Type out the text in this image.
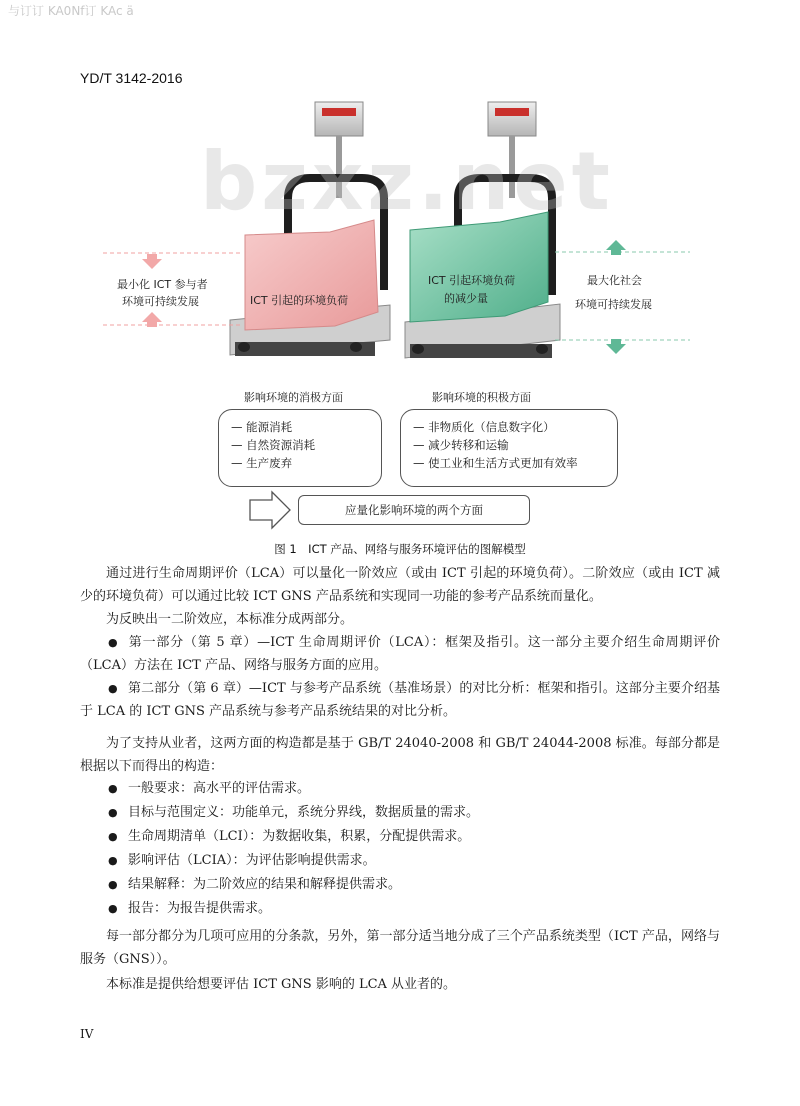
与订订 KA0Nf订 KAc ä
YD/T 3142-2016
最小化 ICT 参与者
环境可持续发展	ICT 引起的环境负荷
ICT 引起环境负荷
的减少量
最大化社会
环境可持续发展
影响环境的消极方面
— 能源消耗
— 自然资源消耗
— 生产废弃
影响环境的积极方面
— 非物质化（信息数字化）
— 减少转移和运输
— 使工业和生活方式更加有效率
应量化影响环境的两个方面
bzxz.net
图 1　ICT 产品、网络与服务环境评估的图解模型
通过进行生命周期评价（LCA）可以量化一阶效应（或由 ICT 引起的环境负荷）。二阶效应（或由 ICT 减少的环境负荷）可以通过比较 ICT GNS 产品系统和实现同一功能的参考产品系统而量化。
为反映出一二阶效应，本标准分成两部分。
● 第一部分（第 5 章）—ICT 生命周期评价（LCA）：框架及指引。这一部分主要介绍生命周期评价（LCA）方法在 ICT 产品、网络与服务方面的应用。
● 第二部分（第 6 章）—ICT 与参考产品系统（基准场景）的对比分析：框架和指引。这部分主要介绍基于 LCA 的 ICT GNS 产品系统与参考产品系统结果的对比分析。
为了支持从业者，这两方面的构造都是基于 GB/T 24040-2008 和 GB/T 24044-2008 标准。每部分都是根据以下而得出的构造：
● 一般要求：高水平的评估需求。
● 目标与范围定义：功能单元，系统分界线，数据质量的需求。
● 生命周期清单（LCI）：为数据收集，积累，分配提供需求。
● 影响评估（LCIA）：为评估影响提供需求。
● 结果解释：为二阶效应的结果和解释提供需求。
● 报告：为报告提供需求。
每一部分都分为几项可应用的分条款，另外，第一部分适当地分成了三个产品系统类型（ICT 产品，网络与服务（GNS））。
本标准是提供给想要评估 ICT GNS 影响的 LCA 从业者的。
IV
